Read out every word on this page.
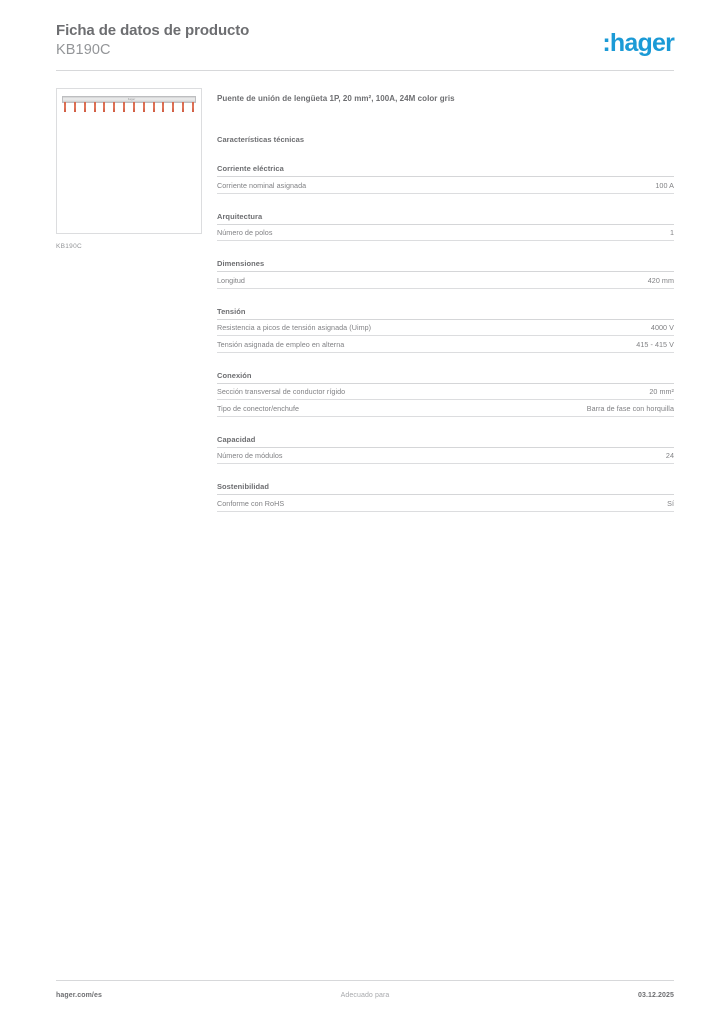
Ficha de datos de producto
KB190C	:hager
hager
KB190C
Puente de unión de lengüeta 1P, 20 mm², 100A, 24M color gris
Características técnicas
Corriente eléctrica
Corriente nominal asignada	100 A
Arquitectura
Número de polos	1
Dimensiones
Longitud	420 mm
Tensión
Resistencia a picos de tensión asignada (Uimp)	4000 V
Tensión asignada de empleo en alterna	415 - 415 V
Conexión
Sección transversal de conductor rígido	20 mm²
Tipo de conector/enchufe	Barra de fase con horquilla
Capacidad
Número de módulos	24
Sostenibilidad
Conforme con RoHS	Sí
hager.com/es	Adecuado para	03.12.2025
